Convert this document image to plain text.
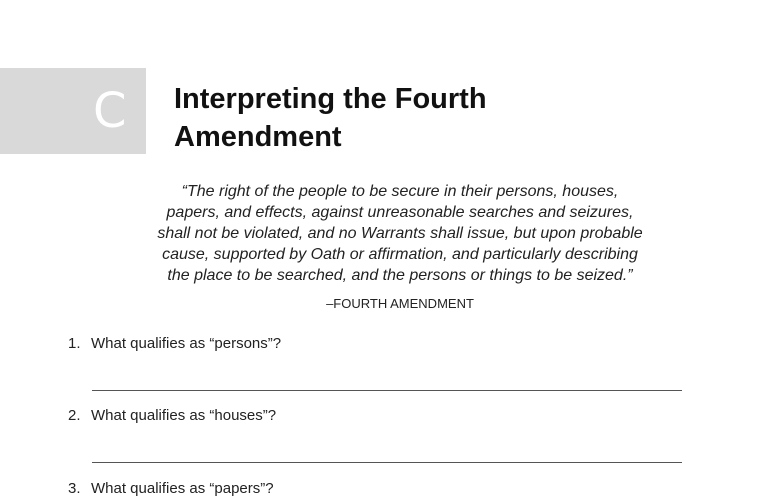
C Interpreting the Fourth
Amendment

“The right of the people to be secure in their persons, houses,
papers, and effects, against unreasonable searches and seizures,
shall not be violated, and no Warrants shall issue, but upon probable
cause, supported by Oath or affirmation, and particularly describing
the place to be searched, and the persons or things to be seized.”

–FOURTH AMENDMENT
1. What qualifies as “persons”?
2. What qualifies as “houses”?
3. What qualifies as “papers”?
